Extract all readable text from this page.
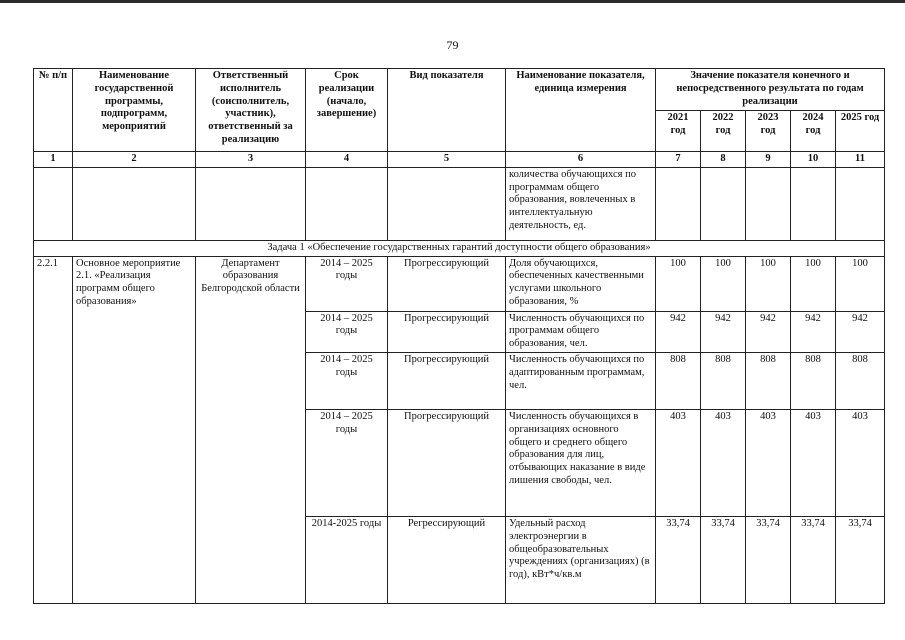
79
№ п/п	Наименование государственной программы, подпрограмм, мероприятий	Ответственный исполнитель (соисполнитель, участник), ответственный за реализацию	Срок реализации (начало, завершение)	Вид показателя	Наименование показателя, единица измерения	Значение показателя конечного и непосредственного результата по годам реализации				
						2021 год	2022 год	2023 год	2024 год	2025 год
1	2	3	4	5	6	7	8	9	10	11
					количества обучающихся по программам общего образования, вовлеченных в интеллектуальную деятельность, ед.					
Задача 1 «Обеспечение государственных гарантий доступности общего образования»										
2.2.1	Основное мероприятие 2.1. «Реализация программ общего образования»	Департамент образования Белгородской области	2014 – 2025 годы	Прогрессирующий	Доля обучающихся, обеспеченных качественными услугами школьного образования, %	100	100	100	100	100
			2014 – 2025 годы	Прогрессирующий	Численность обучающихся по программам общего образования, чел.	942	942	942	942	942
			2014 – 2025 годы	Прогрессирующий	Численность обучающихся по адаптированным программам, чел.	808	808	808	808	808
			2014 – 2025 годы	Прогрессирующий	Численность обучающихся в организациях основного общего и среднего общего образования для лиц, отбывающих наказание в виде лишения свободы, чел.	403	403	403	403	403
			2014-2025 годы	Регрессирующий	Удельный расход электроэнергии в общеобразовательных учреждениях (организациях) (в год), кВт*ч/кв.м	33,74	33,74	33,74	33,74	33,74
